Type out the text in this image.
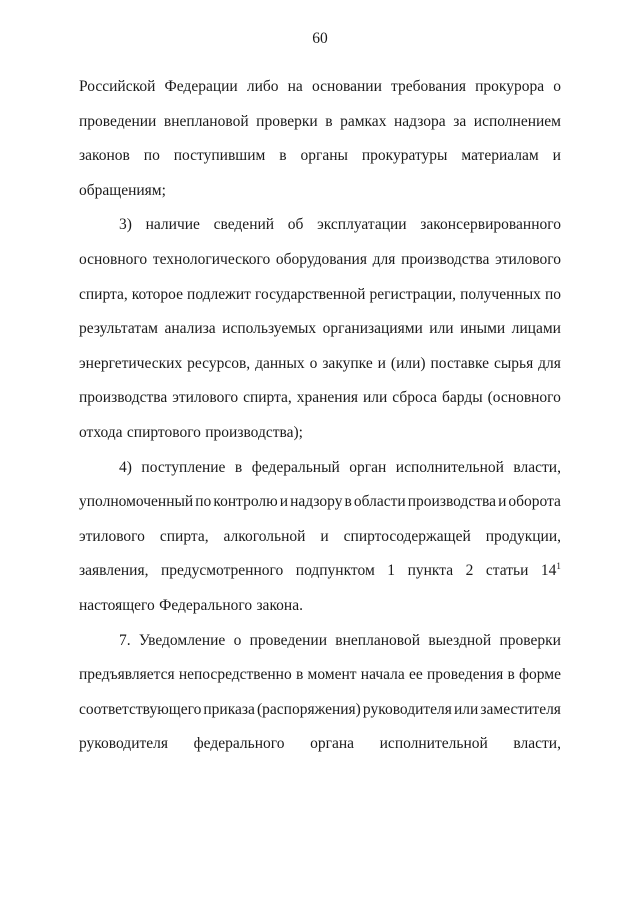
60
Российской Федерации либо на основании требования прокурора о
проведении внеплановой проверки в рамках надзора за исполнением
законов по поступившим в органы прокуратуры материалам и
обращениям;
3) наличие сведений об эксплуатации законсервированного
основного технологического оборудования для производства этилового
спирта, которое подлежит государственной регистрации, полученных по
результатам анализа используемых организациями или иными лицами
энергетических ресурсов, данных о закупке и (или) поставке сырья для
производства этилового спирта, хранения или сброса барды (основного
отхода спиртового производства);
4) поступление в федеральный орган исполнительной власти,
уполномоченный по контролю и надзору в области производства и оборота
этилового спирта, алкогольной и спиртосодержащей продукции,
заявления, предусмотренного подпунктом 1 пункта 2 статьи $14^1$
настоящего Федерального закона.
7. Уведомление о проведении внеплановой выездной проверки
предъявляется непосредственно в момент начала ее проведения в форме
соответствующего приказа (распоряжения) руководителя или заместителя
руководителя федерального органа исполнительной власти,
